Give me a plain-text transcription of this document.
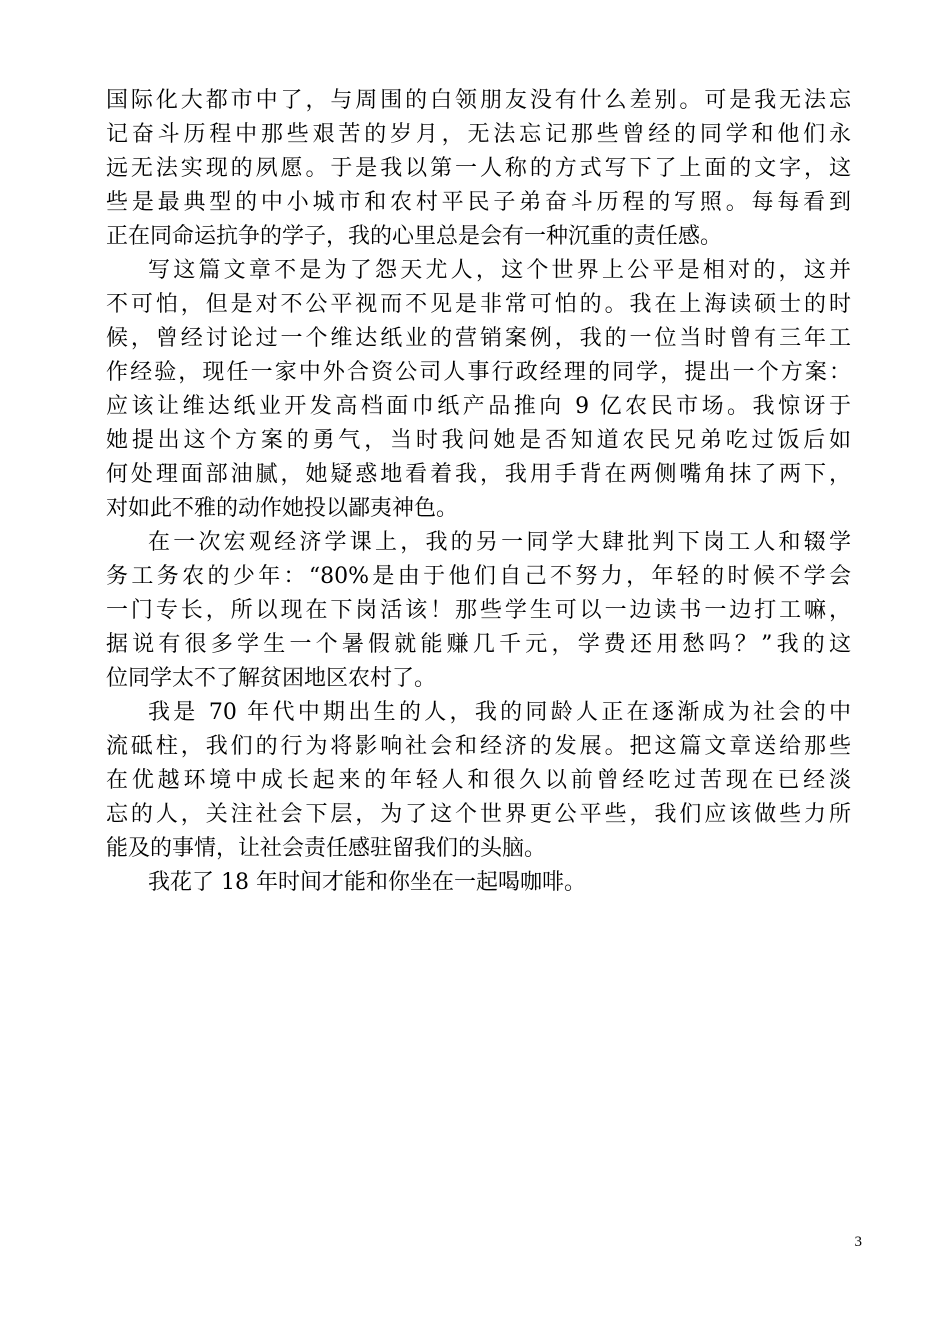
国际化大都市中了，与周围的白领朋友没有什么差别。可是我无法忘
记奋斗历程中那些艰苦的岁月，无法忘记那些曾经的同学和他们永
远无法实现的夙愿。于是我以第一人称的方式写下了上面的文字，这
些是最典型的中小城市和农村平民子弟奋斗历程的写照。每每看到
正在同命运抗争的学子，我的心里总是会有一种沉重的责任感。
写这篇文章不是为了怨天尤人，这个世界上公平是相对的，这并
不可怕，但是对不公平视而不见是非常可怕的。我在上海读硕士的时
候，曾经讨论过一个维达纸业的营销案例，我的一位当时曾有三年工
作经验，现任一家中外合资公司人事行政经理的同学，提出一个方案：
应该让维达纸业开发高档面巾纸产品推向 9 亿农民市场。我惊讶于
她提出这个方案的勇气，当时我问她是否知道农民兄弟吃过饭后如
何处理面部油腻，她疑惑地看着我，我用手背在两侧嘴角抹了两下，
对如此不雅的动作她投以鄙夷神色。
在一次宏观经济学课上，我的另一同学大肆批判下岗工人和辍学
务工务农的少年：“80%是由于他们自己不努力，年轻的时候不学会
一门专长，所以现在下岗活该！那些学生可以一边读书一边打工嘛，
据说有很多学生一个暑假就能赚几千元，学费还用愁吗？”我的这
位同学太不了解贫困地区农村了。
我是 70 年代中期出生的人，我的同龄人正在逐渐成为社会的中
流砥柱，我们的行为将影响社会和经济的发展。把这篇文章送给那些
在优越环境中成长起来的年轻人和很久以前曾经吃过苦现在已经淡
忘的人，关注社会下层，为了这个世界更公平些，我们应该做些力所
能及的事情，让社会责任感驻留我们的头脑。
我花了 18 年时间才能和你坐在一起喝咖啡。
3
